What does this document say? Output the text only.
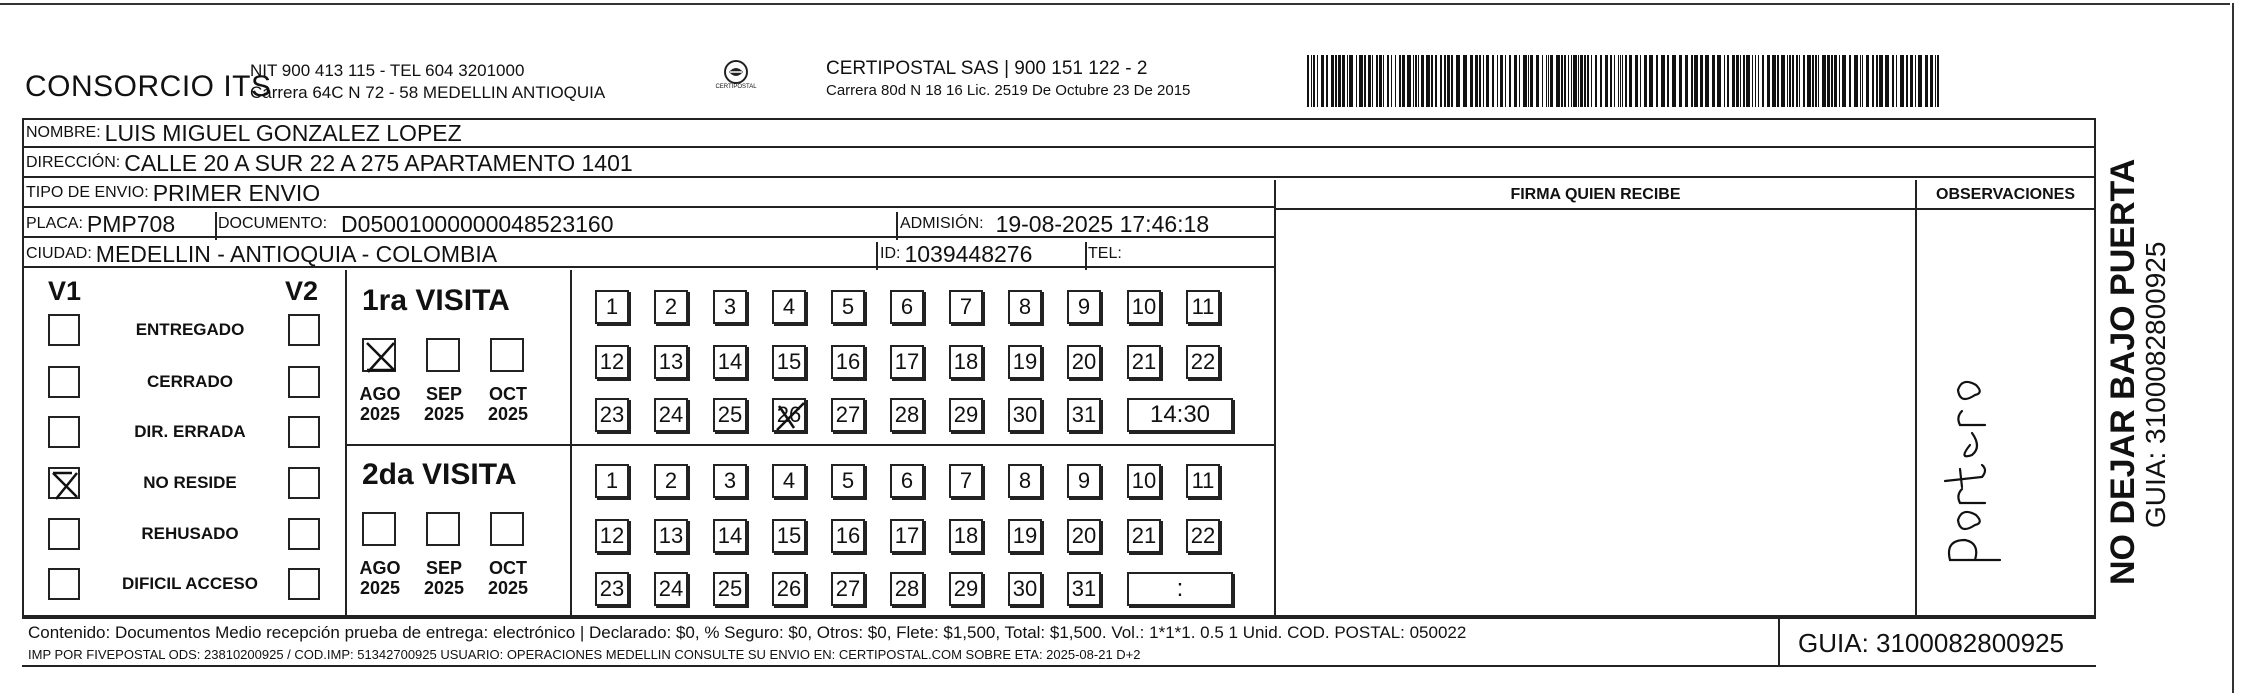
CONSORCIO ITS
NIT 900 413 115 - TEL 604 3201000
Carrera 64C N 72 - 58 MEDELLIN ANTIOQUIA	CERTIPOSTAL
CERTIPOSTAL SAS | 900 151 122 - 2
Carrera 80d N 18 16 Lic. 2519 De Octubre 23 De 2015
NOMBRE: LUIS MIGUEL GONZALEZ LOPEZ
DIRECCIÓN: CALLE 20 A SUR 22 A 275 APARTAMENTO 1401
TIPO DE ENVIO: PRIMER ENVIO
PLACA: PMP708	DOCUMENTO: D05001000000048523160	ADMISIÓN: 19-08-2025 17:46:18
CIUDAD: MEDELLIN - ANTIOQUIA - COLOMBIA	ID: 1039448276	TEL:
FIRMA QUIEN RECIBE	OBSERVACIONES
Portero
V1	V2
ENTREGADO
CERRADO
DIR. ERRADA
NO RESIDE
REHUSADO
DIFICIL ACCESO
1ra VISITA
AGO
2025
SEP
2025
OCT
2025
1 2 3 4 5 6 7 8 9 10 11
12 13 14 15 16 17 18 19 20 21 22
23 24 25 26 27 28 29 30 31	14:30
2da VISITA
AGO
2025
SEP
2025
OCT
2025
1 2 3 4 5 6 7 8 9 10 11
12 13 14 15 16 17 18 19 20 21 22
23 24 25 26 27 28 29 30 31	:
Contenido: Documentos Medio recepción prueba de entrega: electrónico | Declarado: $0, % Seguro: $0, Otros: $0, Flete: $1,500, Total: $1,500. Vol.: 1*1*1. 0.5 1 Unid. COD. POSTAL: 050022
IMP POR FIVEPOSTAL ODS: 23810200925 / COD.IMP: 51342700925 USUARIO: OPERACIONES MEDELLIN CONSULTE SU ENVIO EN: CERTIPOSTAL.COM SOBRE ETA: 2025-08-21 D+2	GUIA: 3100082800925
NO DEJAR BAJO PUERTA
GUIA: 3100082800925
